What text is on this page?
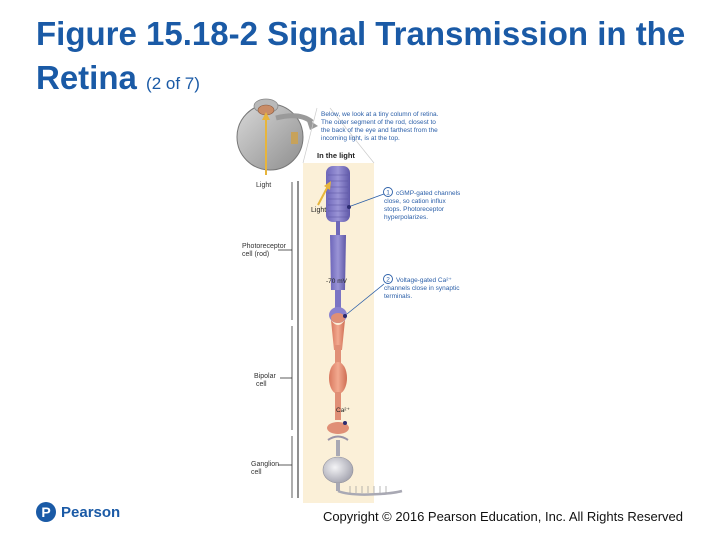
Figure 15.18-2 Signal Transmission in the Retina (2 of 7)
Light
Below, we look at a tiny column of retina.
The outer segment of the rod, closest to
the back of the eye and farthest from the
incoming light, is at the top.
In the light
Light
-70 mV
Ca²⁺
Photoreceptor
cell (rod)
Bipolar
cell
Ganglion
cell
1 cGMP-gated channels
close, so cation influx
stops. Photoreceptor
hyperpolarizes.
2 Voltage-gated Ca²⁺
channels close in synaptic
terminals.
P Pearson	Copyright © 2016 Pearson Education, Inc. All Rights Reserved
